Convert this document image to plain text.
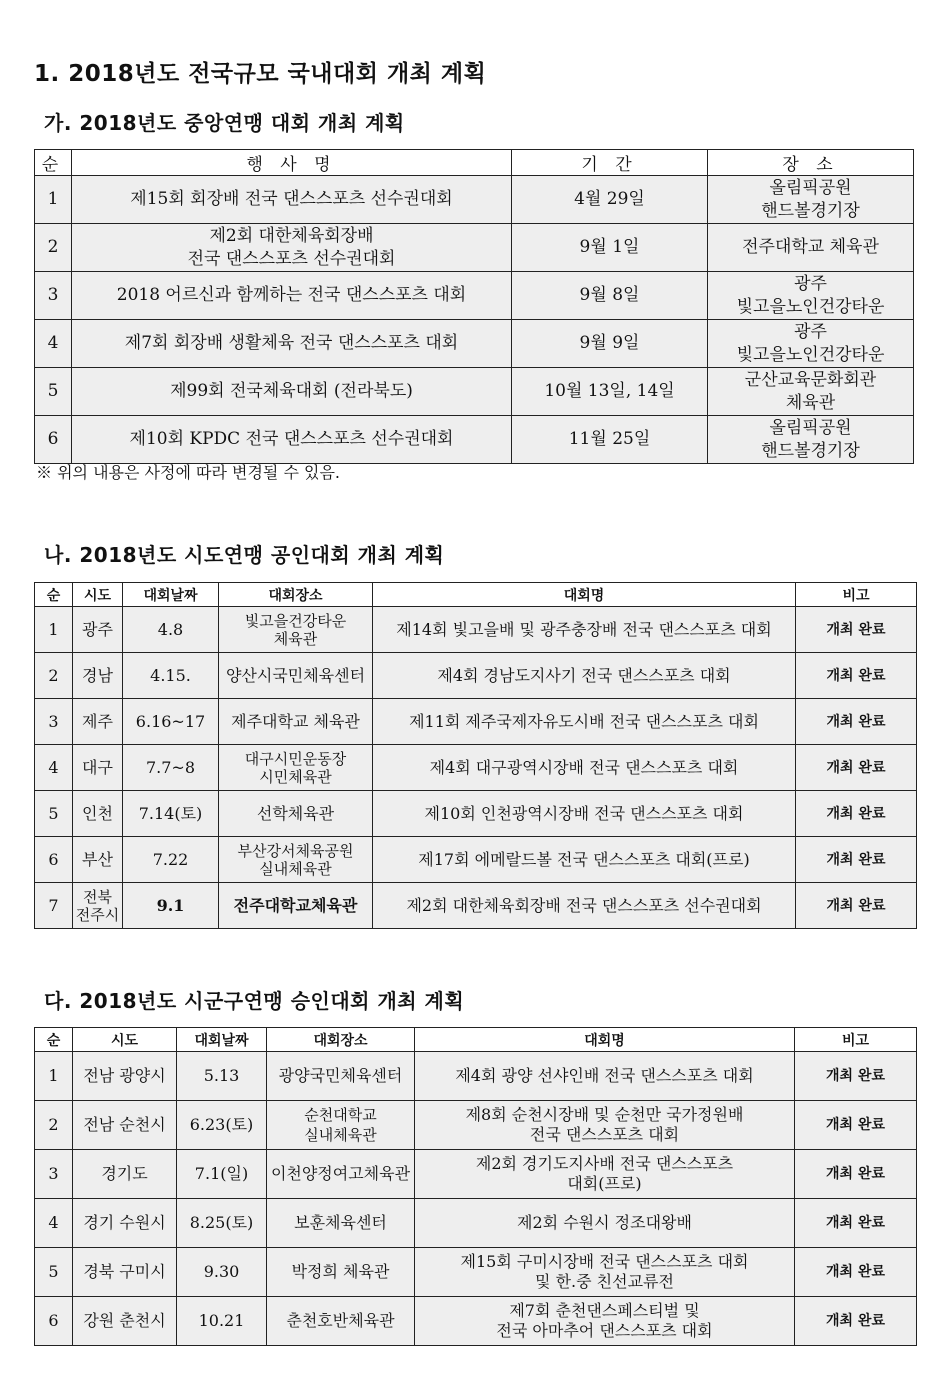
1. 2018년도 전국규모 국내대회 개최 계획
가. 2018년도 중앙연맹 대회 개최 계획
순	행 사 명	기 간	장 소
1	제15회 회장배 전국 댄스스포츠 선수권대회	4월 29일	올림픽공원
핸드볼경기장
2	제2회 대한체육회장배
전국 댄스스포츠 선수권대회	9월 1일	전주대학교 체육관
3	2018 어르신과 함께하는 전국 댄스스포츠 대회	9월 8일	광주
빛고을노인건강타운
4	제7회 회장배 생활체육 전국 댄스스포츠 대회	9월 9일	광주
빛고을노인건강타운
5	제99회 전국체육대회 (전라북도)	10월 13일, 14일	군산교육문화회관
체육관
6	제10회 KPDC 전국 댄스스포츠 선수권대회	11월 25일	올림픽공원
핸드볼경기장
※ 위의 내용은 사정에 따라 변경될 수 있음.
나. 2018년도 시도연맹 공인대회 개최 계획
순	시도	대회날짜	대회장소	대회명	비고
1	광주	4.8	빛고을건강타운
체육관	제14회 빛고을배 및 광주충장배 전국 댄스스포츠 대회	개최 완료
2	경남	4.15.	양산시국민체육센터	제4회 경남도지사기 전국 댄스스포츠 대회	개최 완료
3	제주	6.16~17	제주대학교 체육관	제11회 제주국제자유도시배 전국 댄스스포츠 대회	개최 완료
4	대구	7.7~8	대구시민운동장
시민체육관	제4회 대구광역시장배 전국 댄스스포츠 대회	개최 완료
5	인천	7.14(토)	선학체육관	제10회 인천광역시장배 전국 댄스스포츠 대회	개최 완료
6	부산	7.22	부산강서체육공원
실내체육관	제17회 에메랄드볼 전국 댄스스포츠 대회(프로)	개최 완료
7	전북
전주시	9.1	전주대학교체육관	제2회 대한체육회장배 전국 댄스스포츠 선수권대회	개최 완료
다. 2018년도 시군구연맹 승인대회 개최 계획
순	시도	대회날짜	대회장소	대회명	비고
1	전남 광양시	5.13	광양국민체육센터	제4회 광양 선샤인배 전국 댄스스포츠 대회	개최 완료
2	전남 순천시	6.23(토)	순천대학교
실내체육관	제8회 순천시장배 및 순천만 국가정원배
전국 댄스스포츠 대회	개최 완료
3	경기도	7.1(일)	이천양정여고체육관	제2회 경기도지사배 전국 댄스스포츠
대회(프로)	개최 완료
4	경기 수원시	8.25(토)	보훈체육센터	제2회 수원시 정조대왕배	개최 완료
5	경북 구미시	9.30	박정희 체육관	제15회 구미시장배 전국 댄스스포츠 대회
및 한.중 친선교류전	개최 완료
6	강원 춘천시	10.21	춘천호반체육관	제7회 춘천댄스페스티벌 및
전국 아마추어 댄스스포츠 대회	개최 완료
